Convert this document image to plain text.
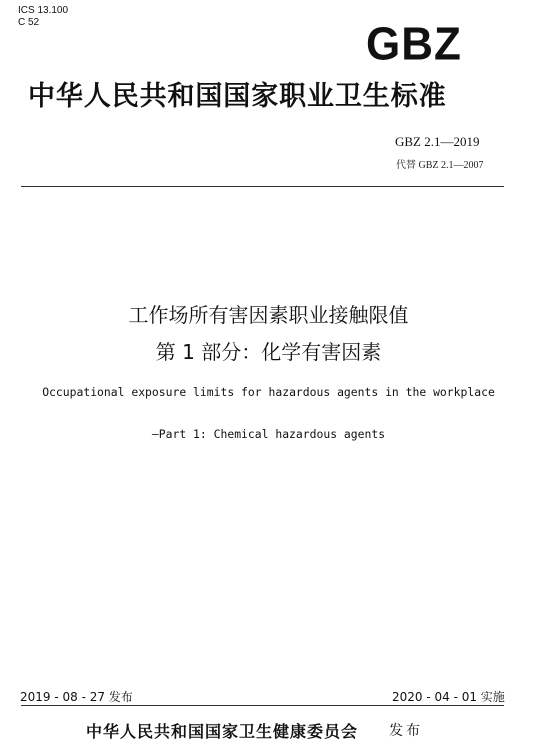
ICS 13.100
C 52	GBZ
中华人民共和国国家职业卫生标准
GBZ 2.1—2019
代替 GBZ 2.1—2007
工作场所有害因素职业接触限值
第 1 部分：化学有害因素
Occupational exposure limits for hazardous agents in the workplace
—Part 1: Chemical hazardous agents
2019 - 08 - 27 发布	2020 - 04 - 01 实施
中华人民共和国国家卫生健康委员会 发布
